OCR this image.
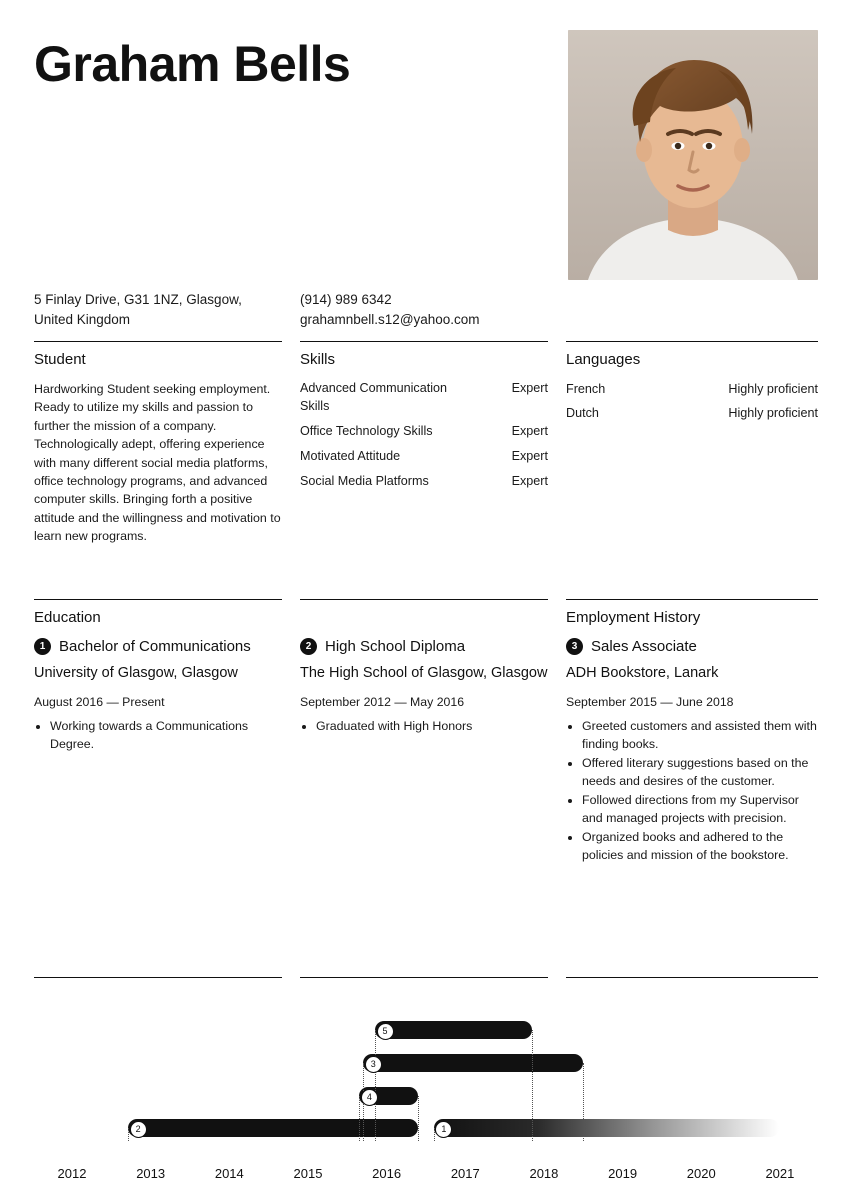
Graham Bells
5 Finlay Drive, G31 1NZ, Glasgow, United Kingdom
(914) 989 6342
grahamnbell.s12@yahoo.com
Student
Hardworking Student seeking employment. Ready to utilize my skills and passion to further the mission of a company. Technologically adept, offering experience with many different social media platforms, office technology programs, and advanced computer skills. Bringing forth a positive attitude and the willingness and motivation to learn new programs.
Skills
Advanced Communication Skills
Expert
Office Technology Skills	Expert
Motivated Attitude	Expert
Social Media Platforms	Expert
Languages
French	Highly proficient
Dutch	Highly proficient
Education
1 Bachelor of Communications
University of Glasgow, Glasgow
August 2016 — Present
• Working towards a Communications Degree.

2 High School Diploma
The High School of Glasgow, Glasgow
September 2012 — May 2016
• Graduated with High Honors
Employment History
3 Sales Associate
ADH Bookstore, Lanark
September 2015 — June 2018
• Greeted customers and assisted them with finding books.
• Offered literary suggestions based on the needs and desires of the customer.
• Followed directions from my Supervisor and managed projects with precision.
• Organized books and adhered to the policies and mission of the bookstore.
5
3
4
2	1
2012	2013	2014	2015	2016	2017	2018	2019	2020	2021
